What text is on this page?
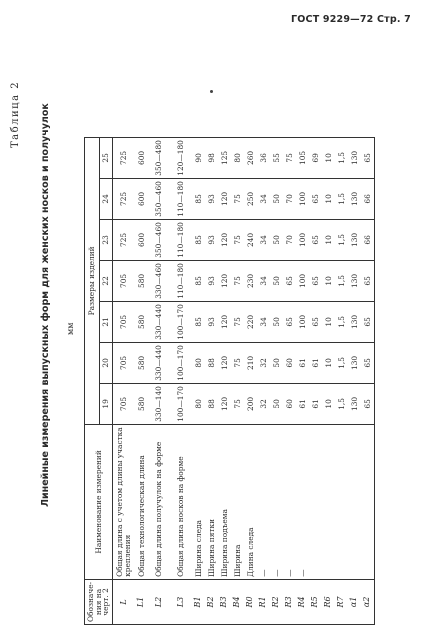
ГОСТ 9229—72 Стр. 7
Таблица 2 Линейные измерения выпускных форм для женских носков и получулок мм
Обозначе- ния на черт. 2	Наименование измерений	Размеры изделий						
		19	20	21	22	23	24	25
L	Общая длина с учетом длины участка крепления	705	705	705	705	725	725	725
L1	Общая технологическая длина	580	580	580	580	600	600	600
L2	Общая длина получулок на форме	330—140	330—440	330—440	330—460	350—460	350—460	350—480
L3	Общая длина носков на форме	100—170	100—170	100—170	110—180	110—180	110—180	120—180
B1	Ширина следа	80	80	85	85	85	85	90
B2	Ширина пятки	88	88	93	93	93	93	98
B3	Ширина подъема	120	120	120	120	120	120	125
B4	Ширина	75	75	75	75	75	75	80
R0	Длина следа	200	210	220	230	240	250	260
R1	—	32	32	34	34	34	34	36
R2	—	50	50	50	50	50	50	55
R3	—	60	60	65	65	70	70	75
R4	—	61	61	100	100	100	100	105
R5		61	61	65	65	65	65	69
R6		10	10	10	10	10	10	10
R7		1,5	1,5	1,5	1,5	1,5	1,5	1,5
α1		130	130	130	130	130	130	130
α2		65	65	65	65	66	66	65
